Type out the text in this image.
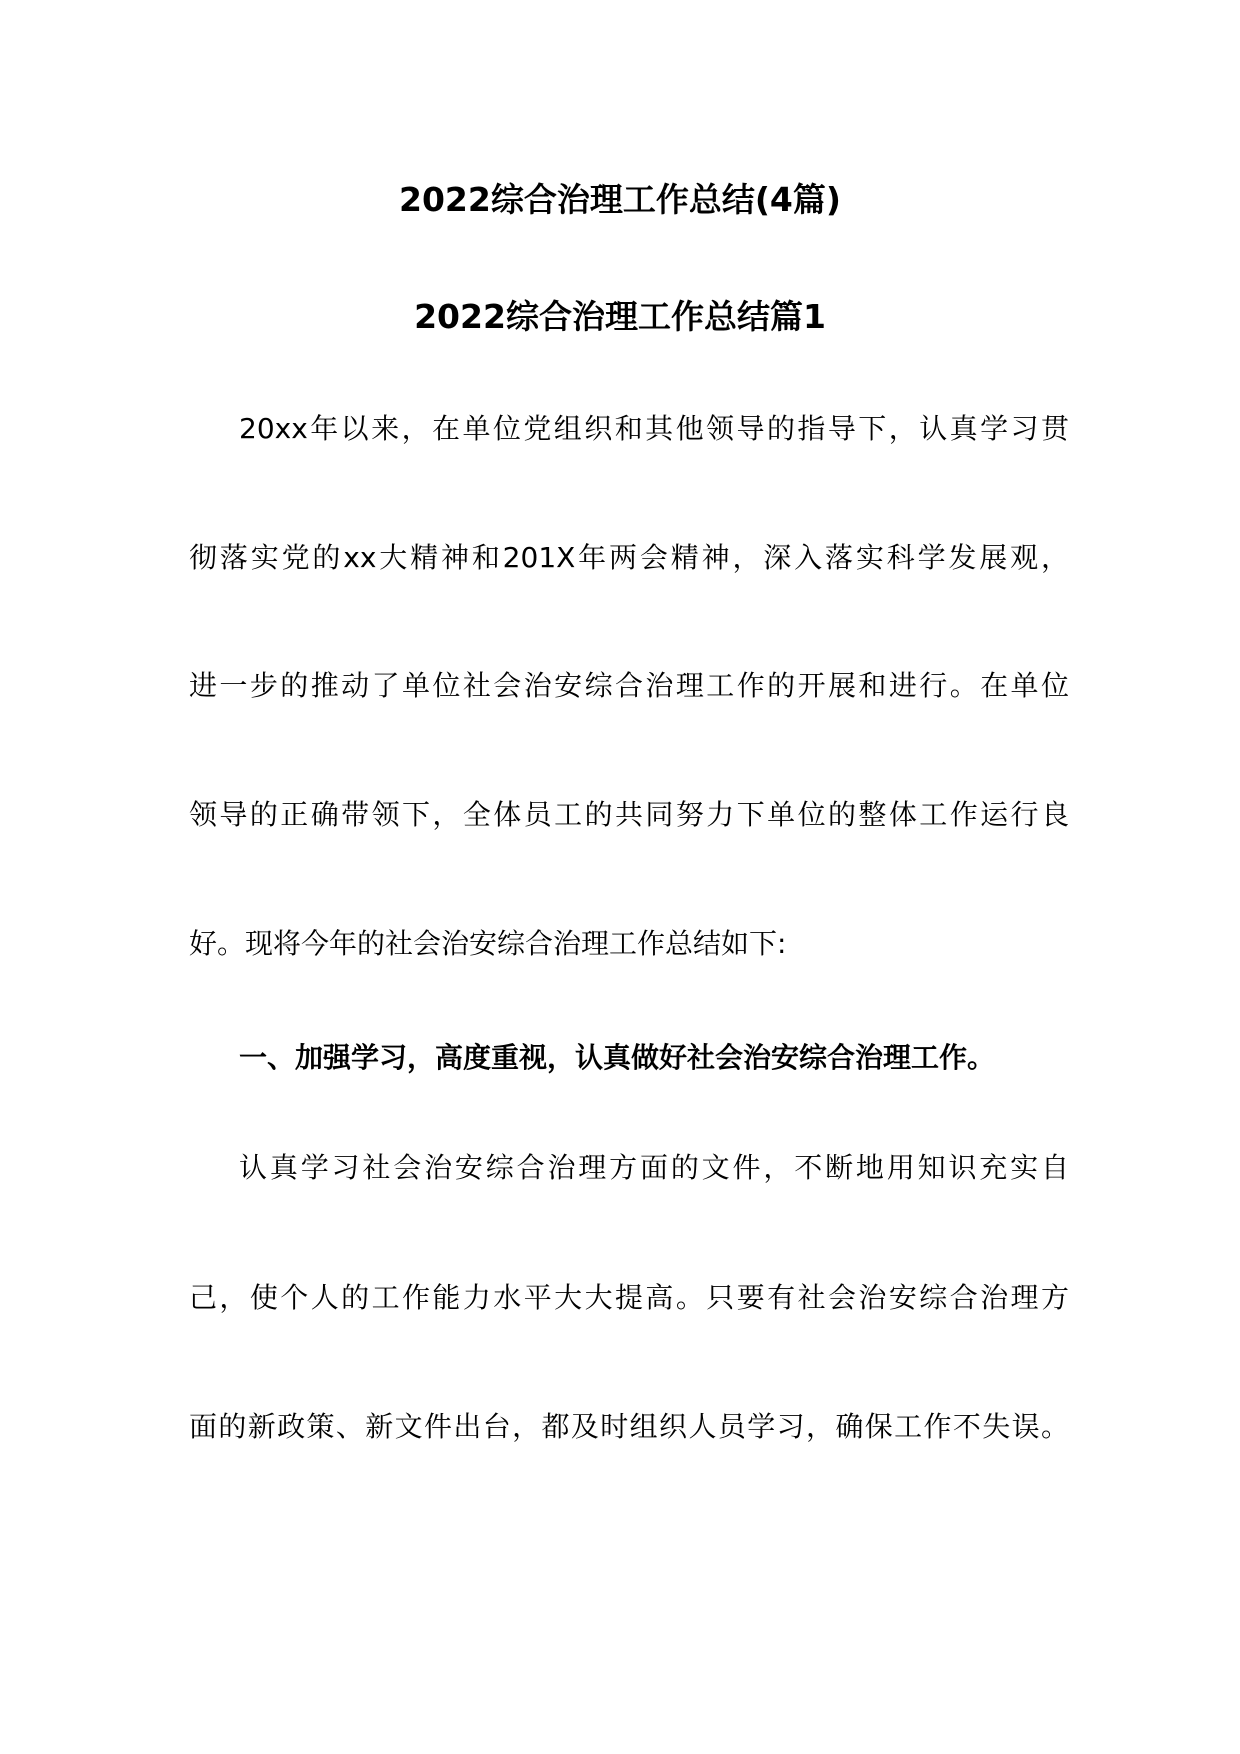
2022综合治理工作总结(4篇)
2022综合治理工作总结篇1
20xx年以来，在单位党组织和其他领导的指导下，认真学习贯
彻落实党的xx大精神和201X年两会精神，深入落实科学发展观，
进一步的推动了单位社会治安综合治理工作的开展和进行。在单位
领导的正确带领下，全体员工的共同努力下单位的整体工作运行良
好。现将今年的社会治安综合治理工作总结如下:
一、加强学习，高度重视，认真做好社会治安综合治理工作。
认真学习社会治安综合治理方面的文件，不断地用知识充实自
己，使个人的工作能力水平大大提高。只要有社会治安综合治理方
面的新政策、新文件出台，都及时组织人员学习，确保工作不失误。
